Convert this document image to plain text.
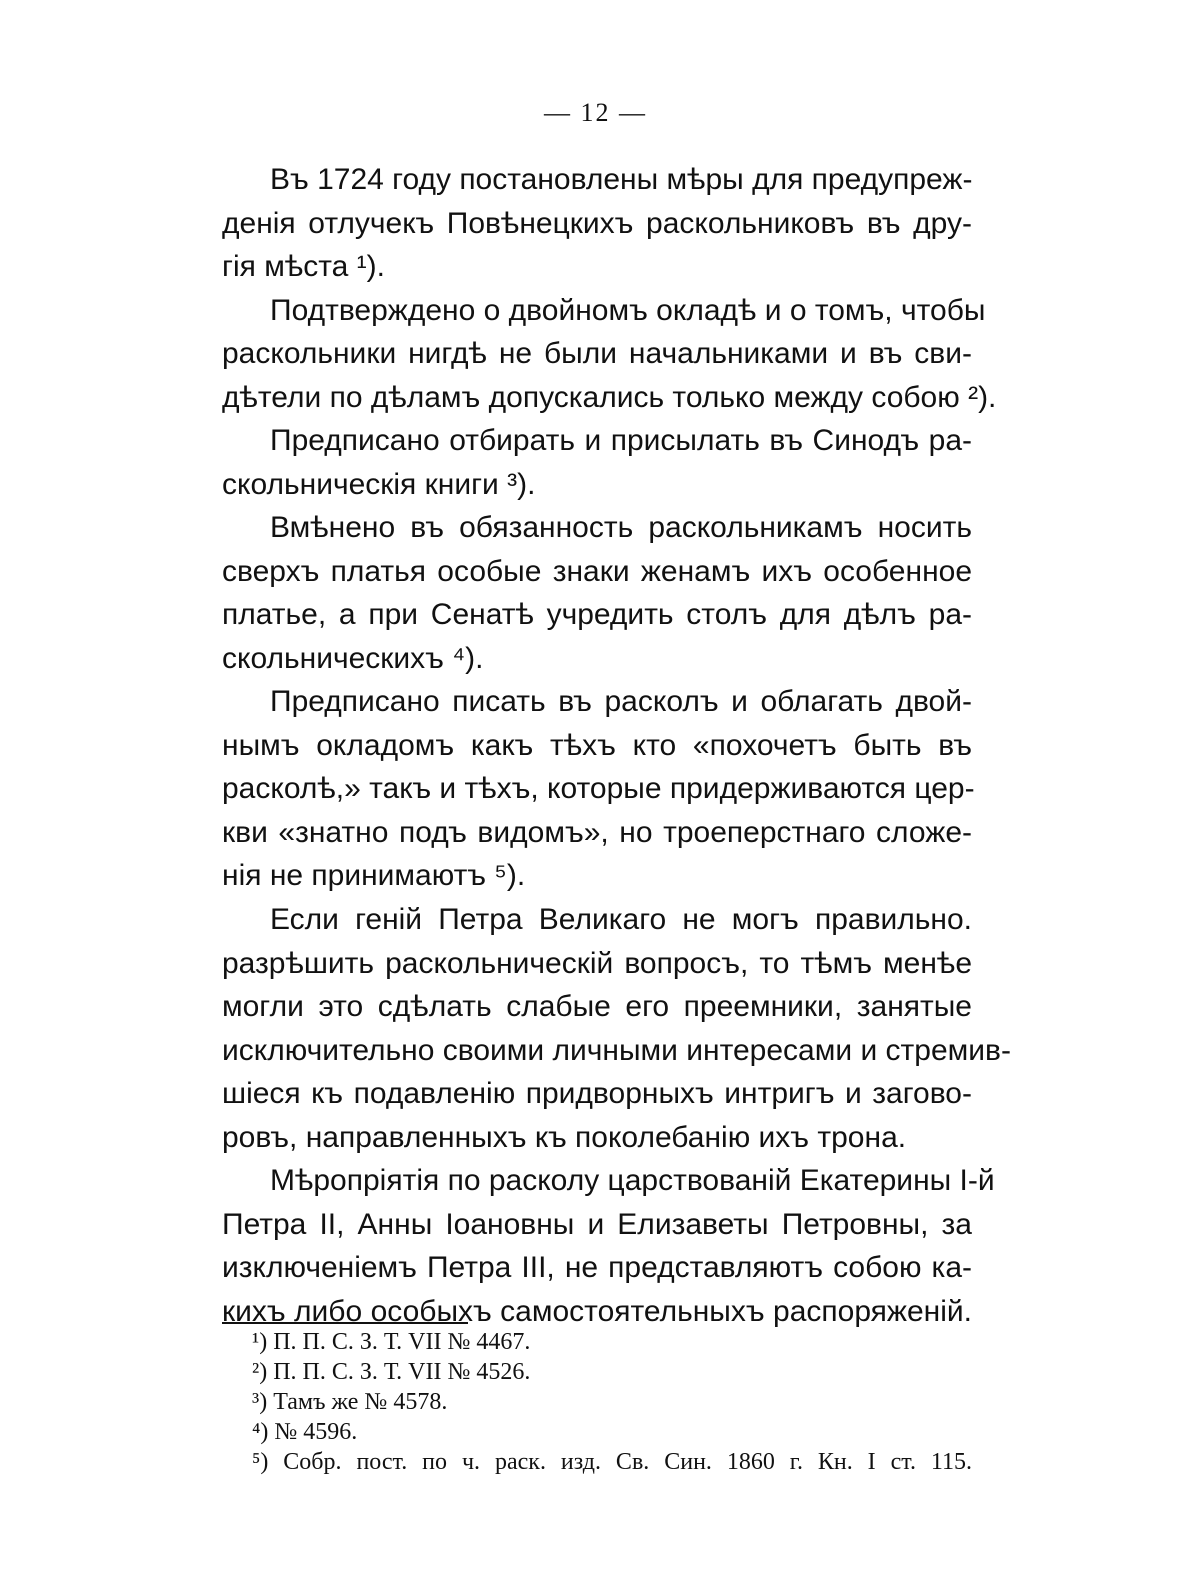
— 12 —
Въ 1724 году постановлены мѣры для предупреж-
денія отлучекъ Повѣнецкихъ раскольниковъ въ дру-
гія мѣста ¹).
Подтверждено о двойномъ окладѣ и о томъ, чтобы
раскольники нигдѣ не были начальниками и въ сви-
дѣтели по дѣламъ допускались только между собою ²).
Предписано отбирать и присылать въ Синодъ ра-
скольническія книги ³).
Вмѣнено въ обязанность раскольникамъ носить
сверхъ платья особые знаки женамъ ихъ особенное
платье, а при Сенатѣ учредить столъ для дѣлъ ра-
скольническихъ ⁴).
Предписано писать въ расколъ и облагать двой-
нымъ окладомъ какъ тѣхъ кто «похочетъ быть въ
расколѣ,» такъ и тѣхъ, которые придерживаются цер-
кви «знатно подъ видомъ», но троеперстнаго сложе-
нія не принимаютъ ⁵).
Если геній Петра Великаго не могъ правильно.
разрѣшить раскольническій вопросъ, то тѣмъ менѣе
могли это сдѣлать слабые его преемники, занятые
исключительно своими личными интересами и стремив-
шіеся къ подавленію придворныхъ интригъ и загово-
ровъ, направленныхъ къ поколебанію ихъ трона.
Мѣропріятія по расколу царствованій Екатерины I-й
Петра II, Анны Іоановны и Елизаветы Петровны, за
изключеніемъ Петра III, не представляютъ собою ка-
кихъ либо особыхъ самостоятельныхъ распоряженій.
¹) П. П. С. З. Т. VII № 4467.
²) П. П. С. З. Т. VII № 4526.
³) Тамъ же № 4578.
⁴) № 4596.
⁵) Собр. пост. по ч. раск. изд. Св. Син. 1860 г. Кн. I ст. 115.
